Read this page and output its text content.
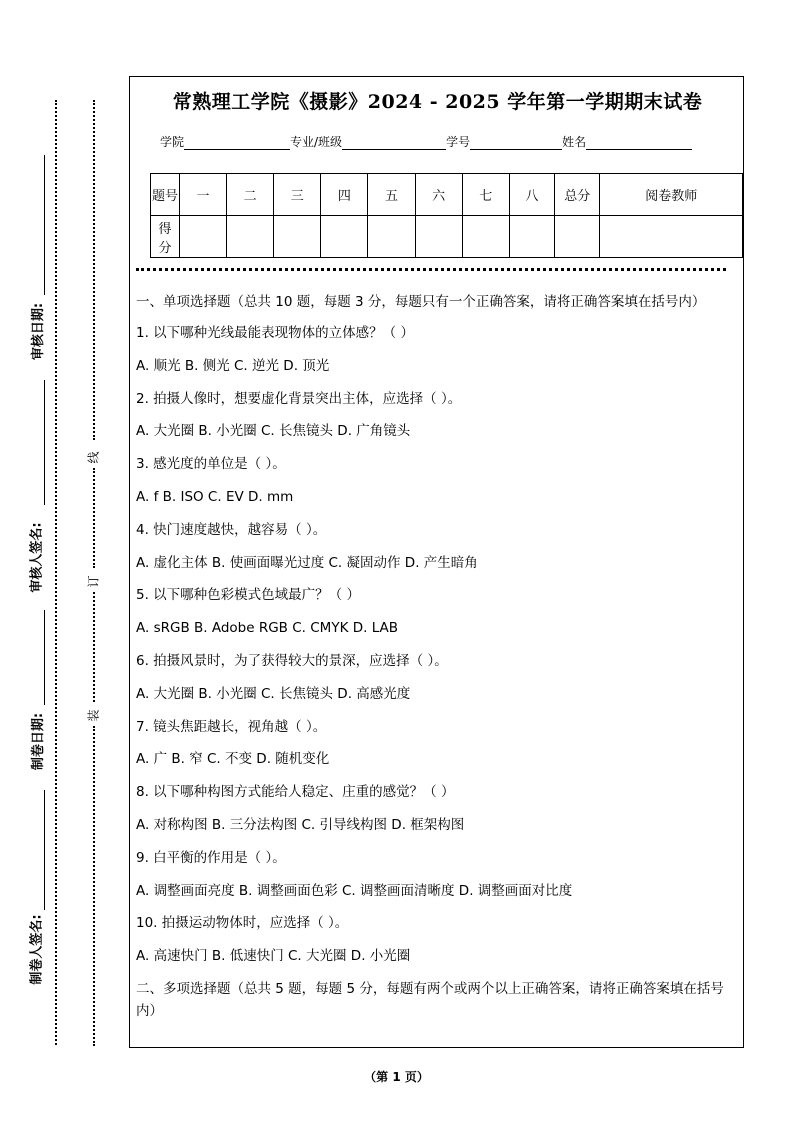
审核日期:
审核人签名:
制卷日期:
制卷人签名:
线
订
装
常熟理工学院《摄影》2024 - 2025 学年第一学期期末试卷
学院	专业/班级	学号	姓名
题号	一	二	三	四	五	六	七	八	总分	阅卷教师
得分										
一、单项选择题（总共 10 题，每题 3 分，每题只有一个正确答案，请将正确答案填在括号内）
1. 以下哪种光线最能表现物体的立体感？（ ）
A. 顺光 B. 侧光 C. 逆光 D. 顶光
2. 拍摄人像时，想要虚化背景突出主体，应选择（ ）。
A. 大光圈 B. 小光圈 C. 长焦镜头 D. 广角镜头
3. 感光度的单位是（ ）。
A. f B. ISO C. EV D. mm
4. 快门速度越快，越容易（ ）。
A. 虚化主体 B. 使画面曝光过度 C. 凝固动作 D. 产生暗角
5. 以下哪种色彩模式色域最广？（ ）
A. sRGB B. Adobe RGB C. CMYK D. LAB
6. 拍摄风景时，为了获得较大的景深，应选择（ ）。
A. 大光圈 B. 小光圈 C. 长焦镜头 D. 高感光度
7. 镜头焦距越长，视角越（ ）。
A. 广 B. 窄 C. 不变 D. 随机变化
8. 以下哪种构图方式能给人稳定、庄重的感觉？（ ）
A. 对称构图 B. 三分法构图 C. 引导线构图 D. 框架构图
9. 白平衡的作用是（ ）。
A. 调整画面亮度 B. 调整画面色彩 C. 调整画面清晰度 D. 调整画面对比度
10. 拍摄运动物体时，应选择（ ）。
A. 高速快门 B. 低速快门 C. 大光圈 D. 小光圈
二、多项选择题（总共 5 题，每题 5 分，每题有两个或两个以上正确答案，请将正确答案填在括号内）
（第 1 页）
